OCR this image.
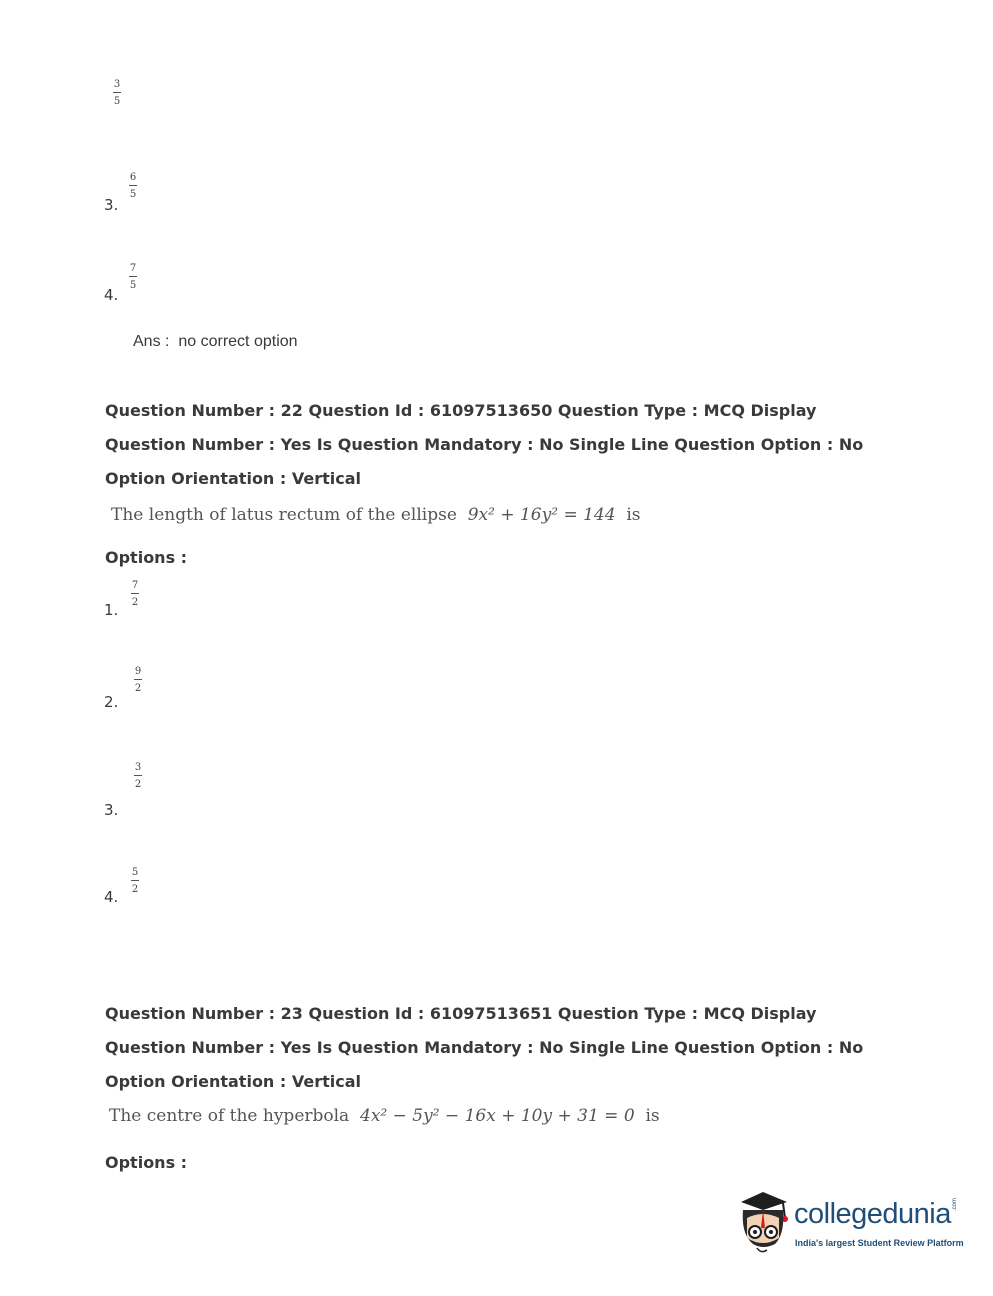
3
5
3.
6
5
4.
7
5
Ans : no correct option
Question Number : 22 Question Id : 61097513650 Question Type : MCQ Display Question Number : Yes Is Question Mandatory : No Single Line Question Option : No Option Orientation : Vertical
The length of latus rectum of the ellipse 9x² + 16y² = 144 is
Options :
1.
7
2
2.
9
2
3.
3
2
4.
5
2
Question Number : 23 Question Id : 61097513651 Question Type : MCQ Display Question Number : Yes Is Question Mandatory : No Single Line Question Option : No Option Orientation : Vertical
The centre of the hyperbola 4x² − 5y² − 16x + 10y + 31 = 0 is
Options :
collegedunia
India's largest Student Review Platform
.com
